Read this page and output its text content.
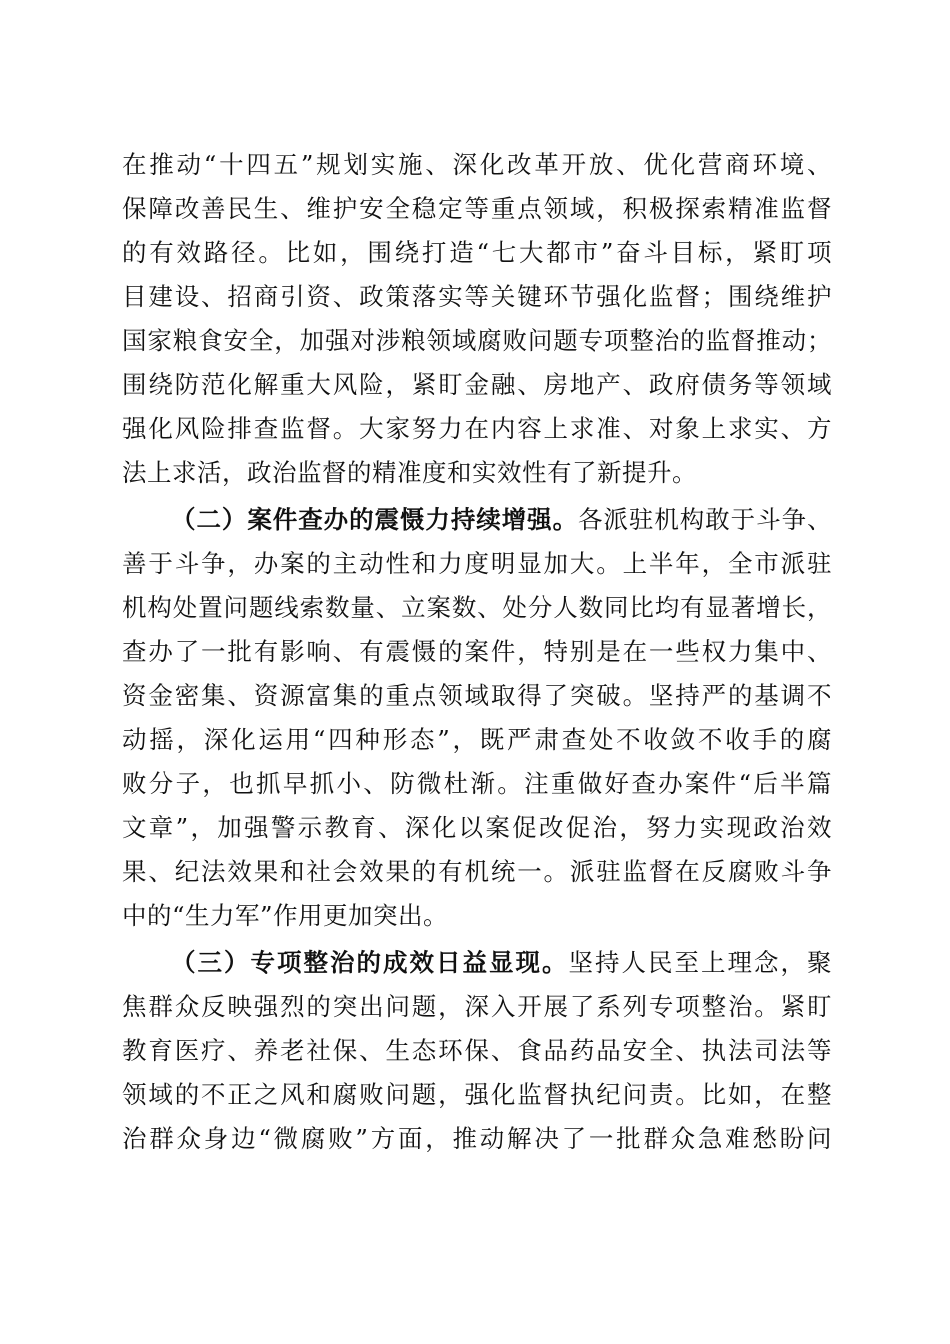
在推动“十四五”规划实施、深化改革开放、优化营商环境、
保障改善民生、维护安全稳定等重点领域，积极探索精准监督
的有效路径。比如，围绕打造“七大都市”奋斗目标，紧盯项
目建设、招商引资、政策落实等关键环节强化监督；围绕维护
国家粮食安全，加强对涉粮领域腐败问题专项整治的监督推动；
围绕防范化解重大风险，紧盯金融、房地产、政府债务等领域
强化风险排查监督。大家努力在内容上求准、对象上求实、方
法上求活，政治监督的精准度和实效性有了新提升。
（二）案件查办的震慑力持续增强。各派驻机构敢于斗争、
善于斗争，办案的主动性和力度明显加大。上半年，全市派驻
机构处置问题线索数量、立案数、处分人数同比均有显著增长，
查办了一批有影响、有震慑的案件，特别是在一些权力集中、
资金密集、资源富集的重点领域取得了突破。坚持严的基调不
动摇，深化运用“四种形态”，既严肃查处不收敛不收手的腐
败分子，也抓早抓小、防微杜渐。注重做好查办案件“后半篇
文章”，加强警示教育、深化以案促改促治，努力实现政治效
果、纪法效果和社会效果的有机统一。派驻监督在反腐败斗争
中的“生力军”作用更加突出。
（三）专项整治的成效日益显现。坚持人民至上理念，聚
焦群众反映强烈的突出问题，深入开展了系列专项整治。紧盯
教育医疗、养老社保、生态环保、食品药品安全、执法司法等
领域的不正之风和腐败问题，强化监督执纪问责。比如，在整
治群众身边“微腐败”方面，推动解决了一批群众急难愁盼问
